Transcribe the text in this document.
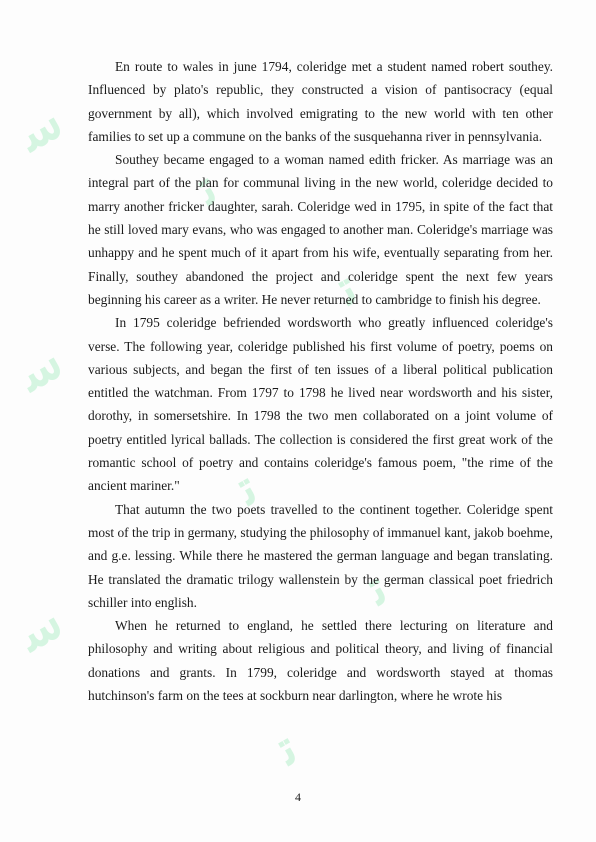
ﺳ
ﺳ
ﺳ
ﺗ
ﺗ
ﺗ
ﺗ
ﺗ

En route to wales in june 1794, coleridge met a student named robert southey. Influenced by plato's republic, they constructed a vision of pantisocracy (equal government by all), which involved emigrating to the new world with ten other families to set up a commune on the banks of the susquehanna river in pennsylvania.

Southey became engaged to a woman named edith fricker. As marriage was an integral part of the plan for communal living in the new world, coleridge decided to marry another fricker daughter, sarah. Coleridge wed in 1795, in spite of the fact that he still loved mary evans, who was engaged to another man. Coleridge's marriage was unhappy and he spent much of it apart from his wife, eventually separating from her. Finally, southey abandoned the project and coleridge spent the next few years beginning his career as a writer. He never returned to cambridge to finish his degree.

In 1795 coleridge befriended wordsworth who greatly influenced coleridge's verse. The following year, coleridge published his first volume of poetry, poems on various subjects, and began the first of ten issues of a liberal political publication entitled the watchman. From 1797 to 1798 he lived near wordsworth and his sister, dorothy, in somersetshire. In 1798 the two men collaborated on a joint volume of poetry entitled lyrical ballads. The collection is considered the first great work of the romantic school of poetry and contains coleridge's famous poem, "the rime of the ancient mariner."

That autumn the two poets travelled to the continent together. Coleridge spent most of the trip in germany, studying the philosophy of immanuel kant, jakob boehme, and g.e. lessing. While there he mastered the german language and began translating. He translated the dramatic trilogy wallenstein by the german classical poet friedrich schiller into english.

When he returned to england, he settled there lecturing on literature and philosophy and writing about religious and political theory, and living of financial donations and grants. In 1799, coleridge and wordsworth stayed at thomas hutchinson's farm on the tees at sockburn near darlington, where he wrote his

4
